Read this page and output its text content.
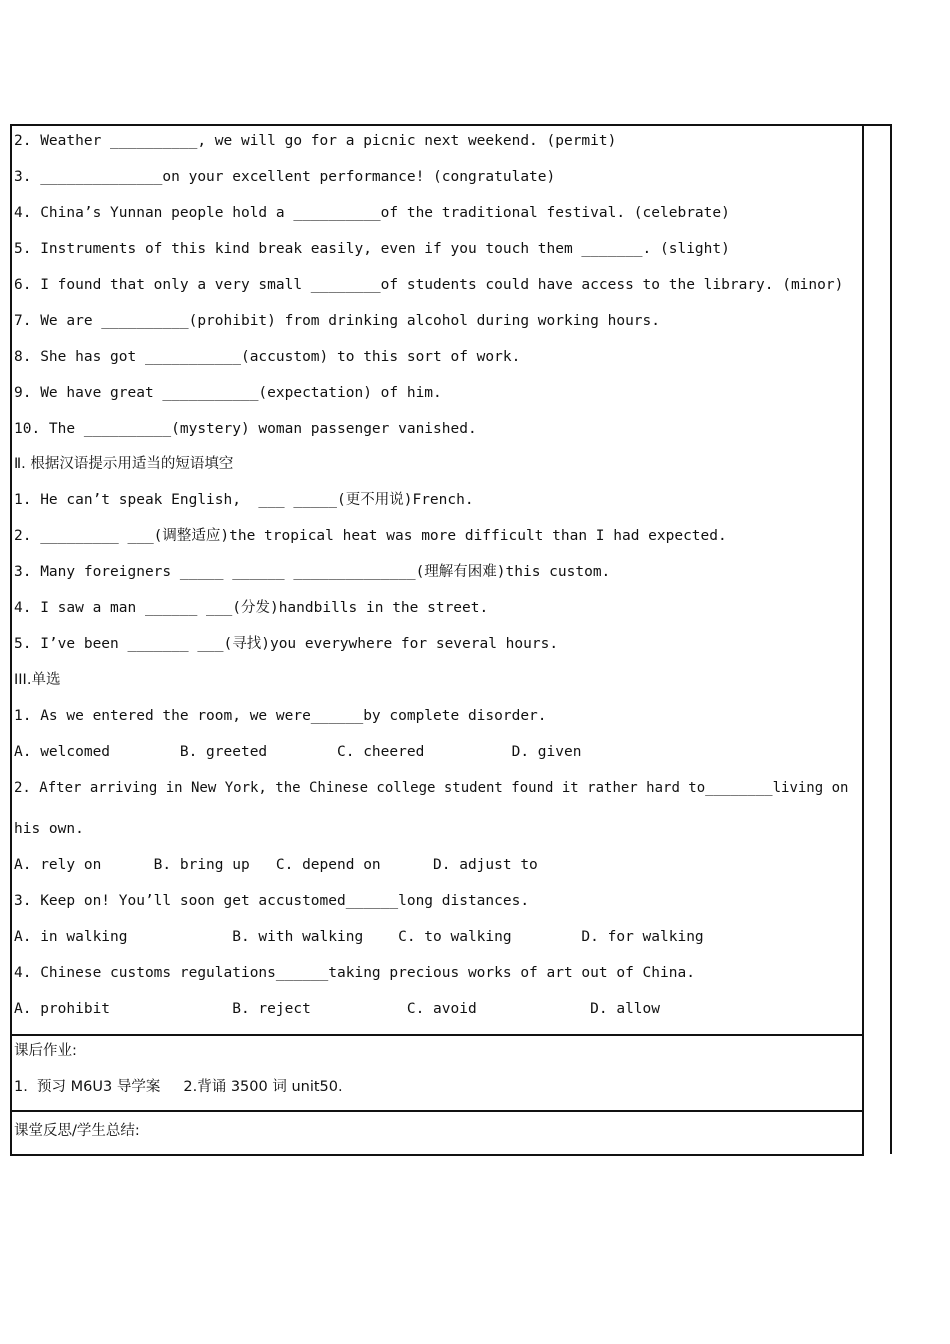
2. Weather __________, we will go for a picnic next weekend. (permit)
3. ______________on your excellent performance! (congratulate)
4. China’s Yunnan people hold a __________of the traditional festival. (celebrate)
5. Instruments of this kind break easily, even if you touch them _______. (slight)
6. I found that only a very small ________of students could have access to the library. (minor)
7. We are __________(prohibit) from drinking alcohol during working hours.
8. She has got ___________(accustom) to this sort of work.
9. We have great ___________(expectation) of him.
10. The __________(mystery) woman passenger vanished.
Ⅱ. 根据汉语提示用适当的短语填空
1. He can’t speak English,  ___ _____(更不用说)French.
2. _________ ___(调整适应)the tropical heat was more difficult than I had expected.
3. Many foreigners _____ ______ ______________(理解有困难)this custom.
4. I saw a man ______ ___(分发)handbills in the street.
5. I’ve been _______ ___(寻找)you everywhere for several hours.
III.单选
1. As we entered the room, we were______by complete disorder.
A. welcomed        B. greeted        C. cheered          D. given
2. After arriving in New York, the Chinese college student found it rather hard to________living on
his own.
A. rely on      B. bring up   C. depend on      D. adjust to
3. Keep on! You’ll soon get accustomed______long distances.
A. in walking            B. with walking    C. to walking        D. for walking
4. Chinese customs regulations______taking precious works of art out of China.
A. prohibit              B. reject           C. avoid             D. allow
课后作业:
1.  预习 M6U3 导学案     2.背诵 3500 词 unit50.
课堂反思/学生总结:
